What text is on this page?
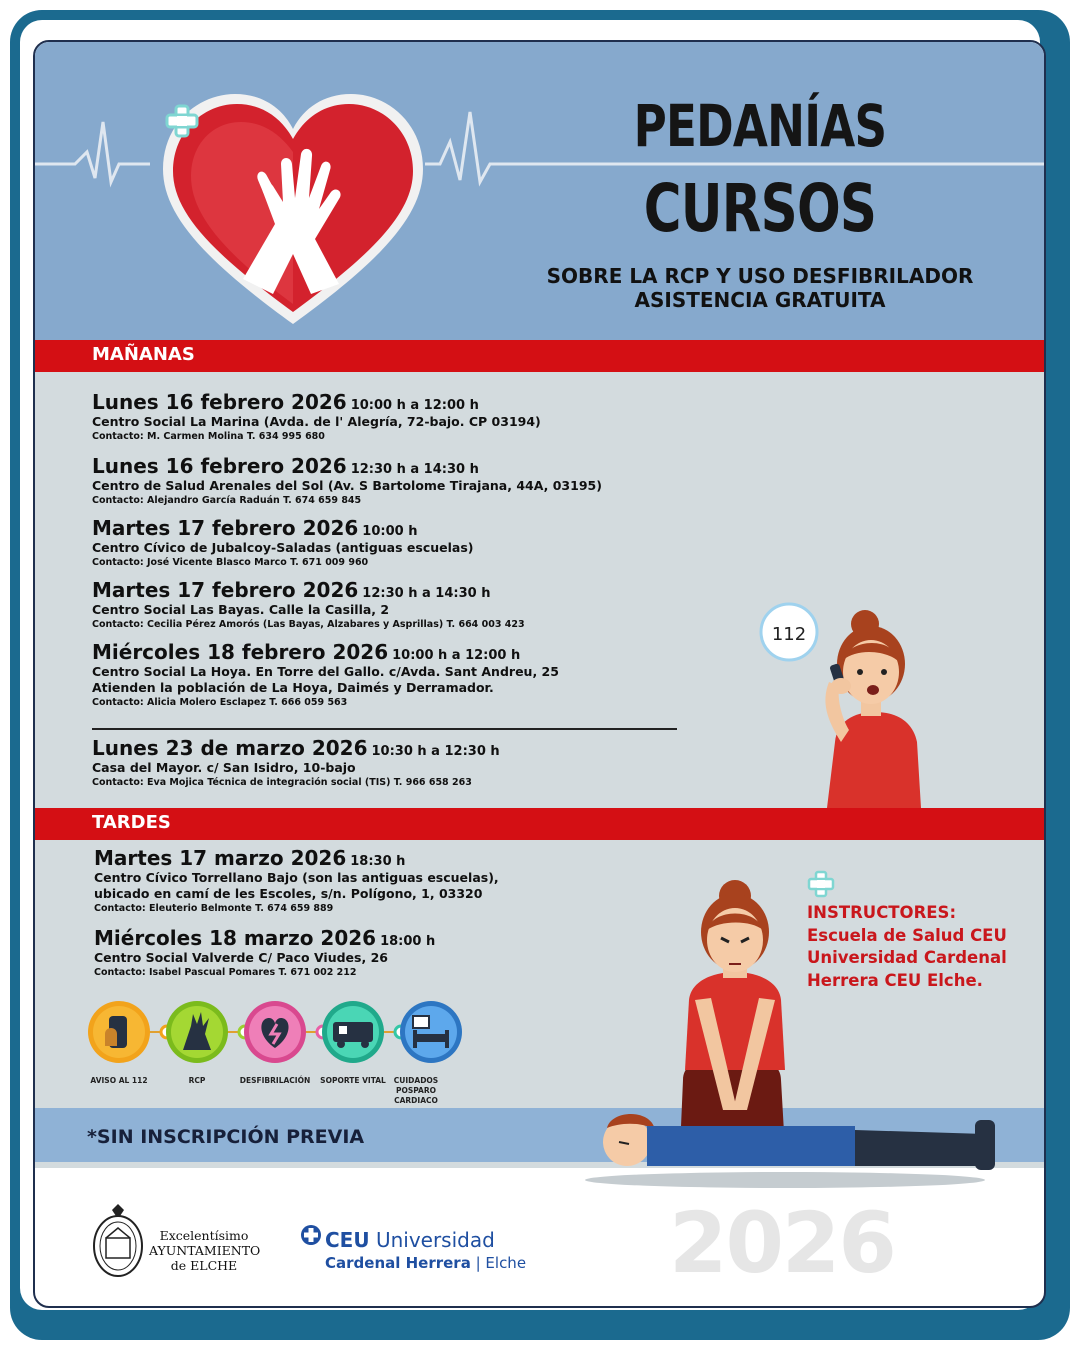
PEDANÍAS
CURSOS
SOBRE LA RCP Y USO DESFIBRILADOR
ASISTENCIA GRATUITA
MAÑANAS
Lunes 16 febrero 2026 10:00 h a 12:00 h
Centro Social La Marina (Avda. de l' Alegría, 72-bajo. CP 03194)
Contacto: M. Carmen Molina T. 634 995 680
Lunes 16 febrero 2026 12:30 h a 14:30 h
Centro de Salud Arenales del Sol (Av. S Bartolome Tirajana, 44A, 03195)
Contacto: Alejandro García Raduán T. 674 659 845
Martes 17 febrero 2026 10:00 h
Centro Cívico de Jubalcoy-Saladas (antiguas escuelas)
Contacto: José Vicente Blasco Marco T. 671 009 960
Martes 17 febrero 2026 12:30 h a 14:30 h
Centro Social Las Bayas. Calle la Casilla, 2
Contacto: Cecilia Pérez Amorós (Las Bayas, Alzabares y Asprillas) T. 664 003 423
Miércoles 18 febrero 2026 10:00 h a 12:00 h
Centro Social La Hoya. En Torre del Gallo. c/Avda. Sant Andreu, 25
Atienden la población de La Hoya, Daimés y Derramador.
Contacto: Alicia Molero Esclapez T. 666 059 563
Lunes 23 de marzo 2026 10:30 h a 12:30 h
Casa del Mayor. c/ San Isidro, 10-bajo
Contacto: Eva Mojica Técnica de integración social (TIS) T. 966 658 263
112
TARDES
Martes 17 marzo 2026 18:30 h
Centro Cívico Torrellano Bajo (son las antiguas escuelas),
ubicado en camí de les Escoles, s/n. Polígono, 1, 03320
Contacto: Eleuterio Belmonte T. 674 659 889
Miércoles 18 marzo 2026 18:00 h
Centro Social Valverde C/ Paco Viudes, 26
Contacto: Isabel Pascual Pomares T. 671 002 212
AVISO AL 112	RCP	DESFIBRILACIÓN	SOPORTE VITAL	CUIDADOS POSPARO CARDIACO
INSTRUCTORES:
Escuela de Salud CEU
Universidad Cardenal
Herrera CEU Elche.
*SIN INSCRIPCIÓN PREVIA
Excelentísimo
AYUNTAMIENTO
de ELCHE
CEU Universidad
Cardenal Herrera | Elche 2026
